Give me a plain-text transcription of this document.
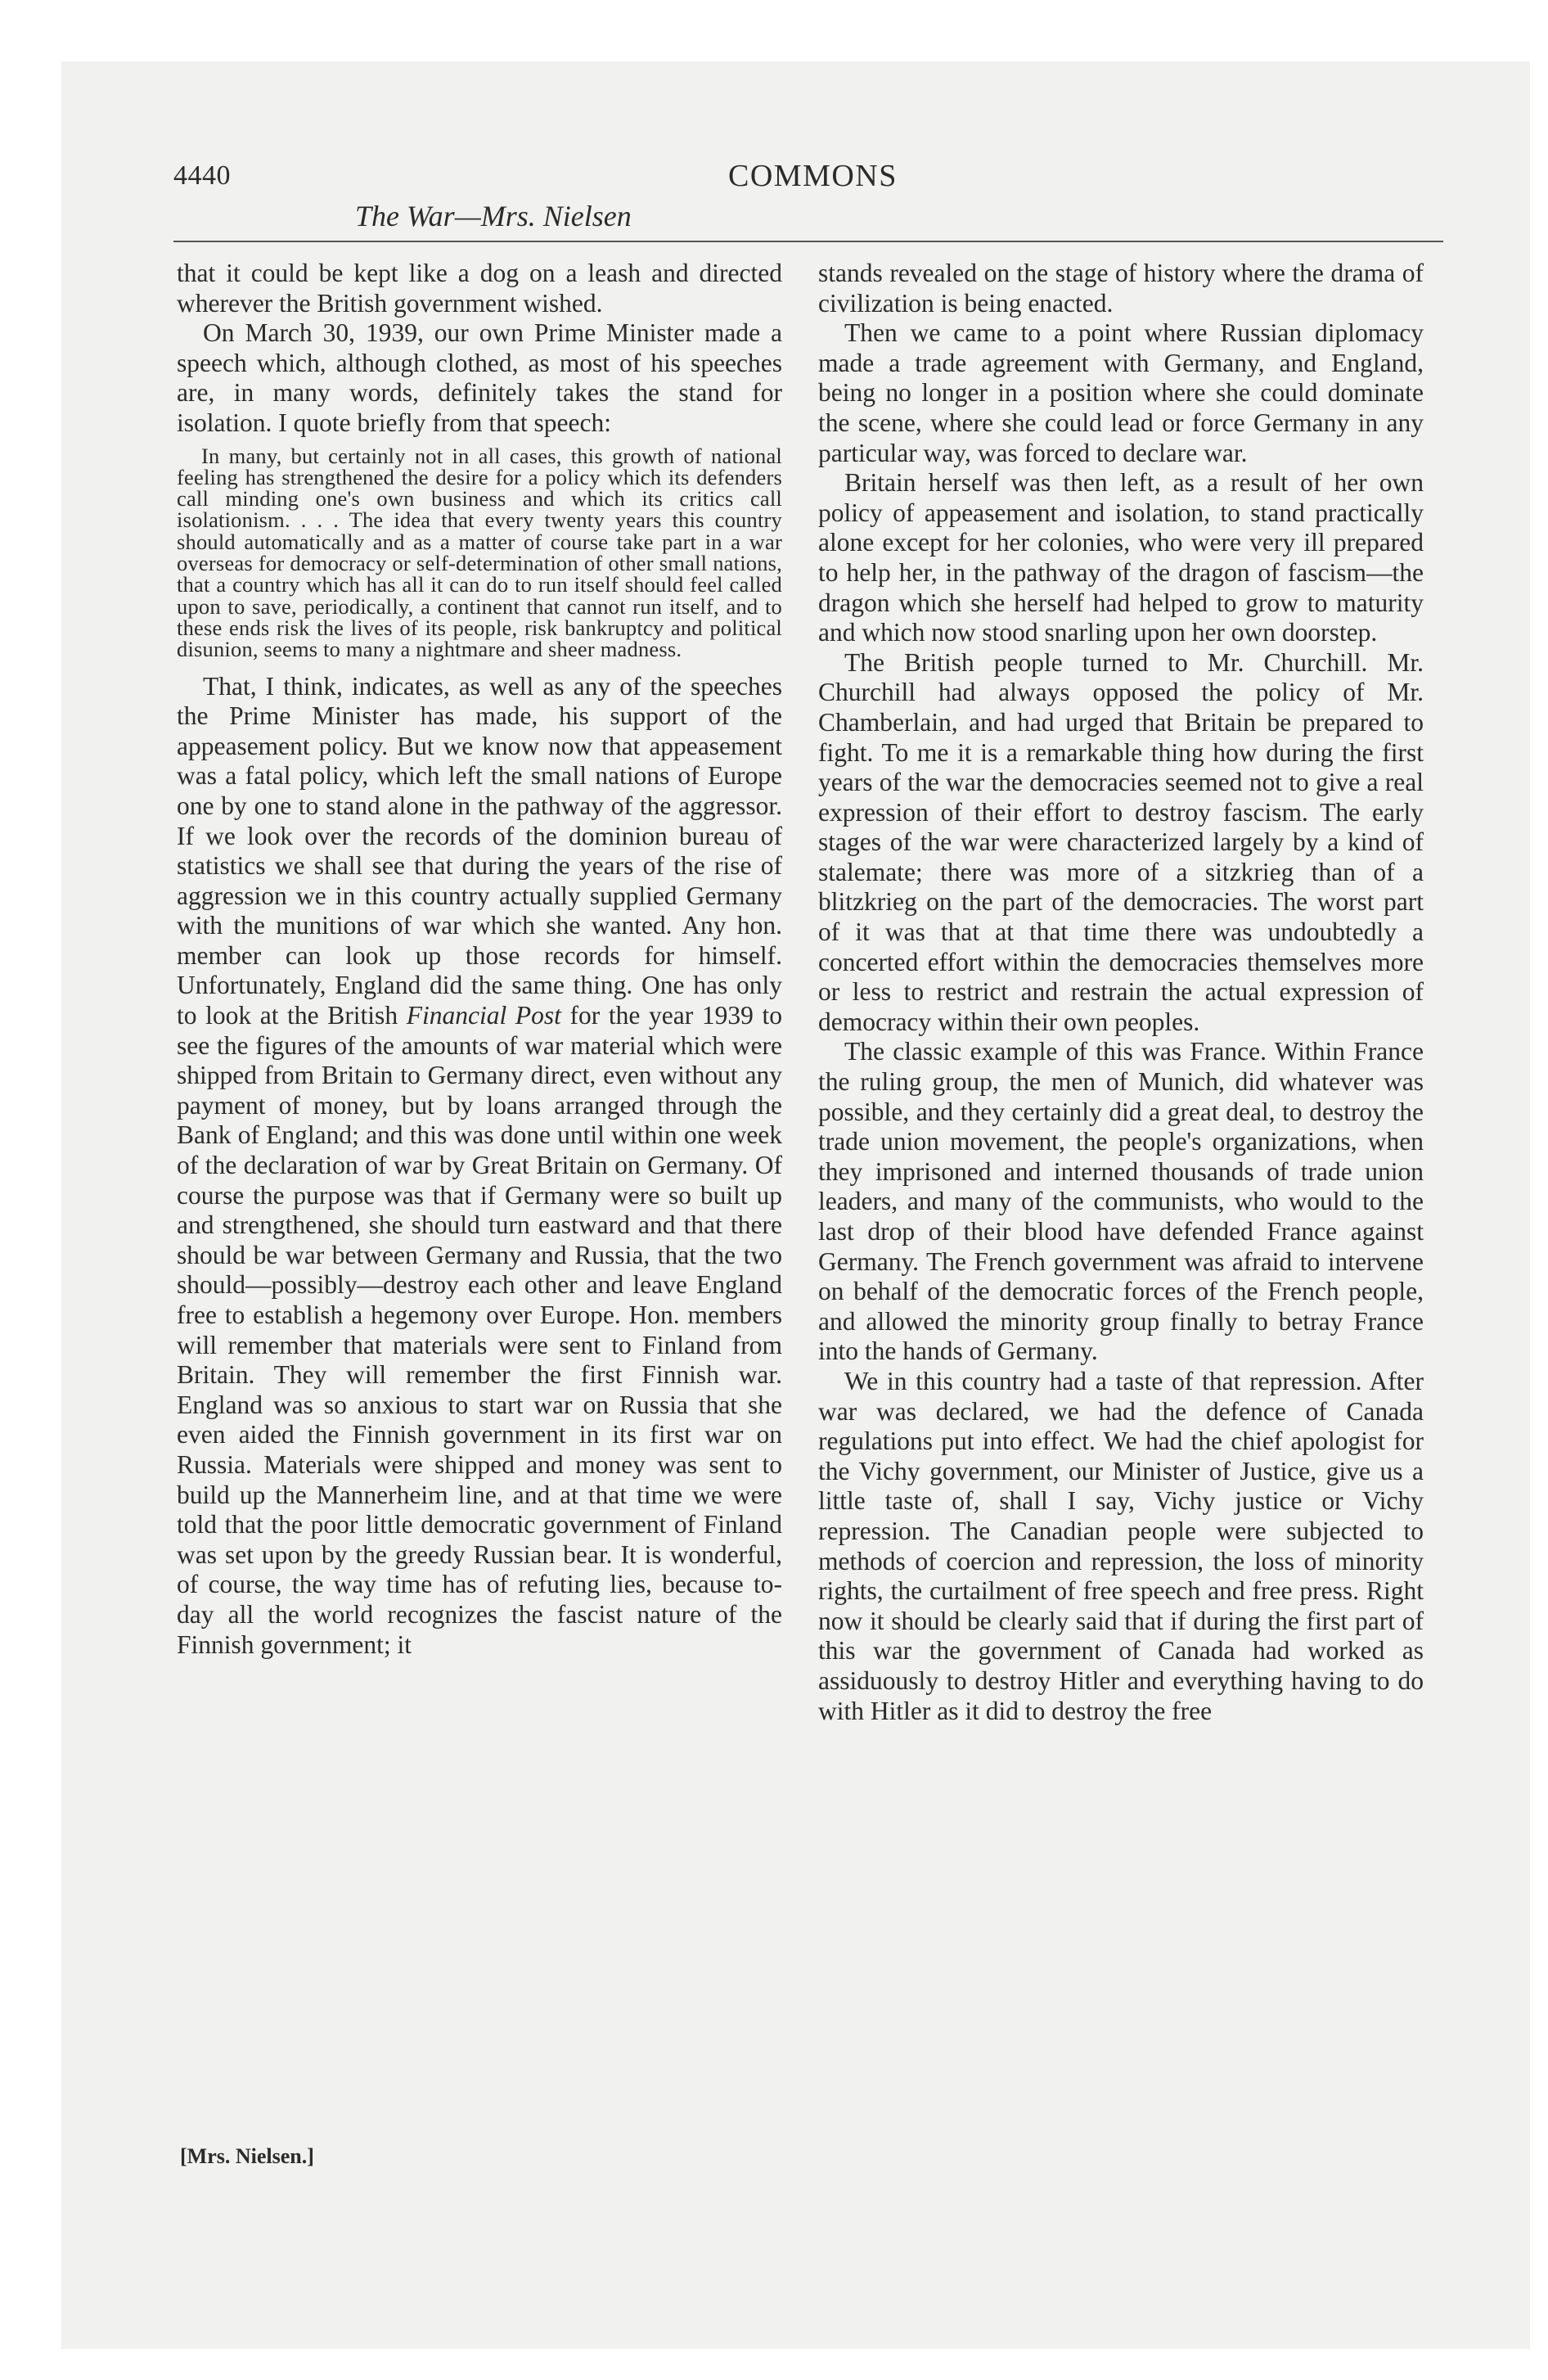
4440	COMMONS
The War—Mrs. Nielsen

that it could be kept like a dog on a leash and directed wherever the British government wished.

On March 30, 1939, our own Prime Minister made a speech which, although clothed, as most of his speeches are, in many words, definitely takes the stand for isolation. I quote briefly from that speech:

In many, but certainly not in all cases, this growth of national feeling has strengthened the desire for a policy which its defenders call minding one's own business and which its critics call isolationism. . . . The idea that every twenty years this country should automatically and as a matter of course take part in a war overseas for democracy or self-determination of other small nations, that a country which has all it can do to run itself should feel called upon to save, periodically, a continent that cannot run itself, and to these ends risk the lives of its people, risk bankruptcy and political disunion, seems to many a nightmare and sheer madness.

That, I think, indicates, as well as any of the speeches the Prime Minister has made, his support of the appeasement policy. But we know now that appeasement was a fatal policy, which left the small nations of Europe one by one to stand alone in the pathway of the aggressor. If we look over the records of the dominion bureau of statistics we shall see that during the years of the rise of aggression we in this country actually supplied Germany with the munitions of war which she wanted. Any hon. member can look up those records for himself. Unfortunately, England did the same thing. One has only to look at the British Financial Post for the year 1939 to see the figures of the amounts of war material which were shipped from Britain to Germany direct, even without any payment of money, but by loans arranged through the Bank of England; and this was done until within one week of the declaration of war by Great Britain on Germany. Of course the purpose was that if Germany were so built up and strengthened, she should turn eastward and that there should be war between Germany and Russia, that the two should—possibly—destroy each other and leave England free to establish a hegemony over Europe. Hon. members will remember that materials were sent to Finland from Britain. They will remember the first Finnish war. England was so anxious to start war on Russia that she even aided the Finnish government in its first war on Russia. Materials were shipped and money was sent to build up the Mannerheim line, and at that time we were told that the poor little democratic government of Finland was set upon by the greedy Russian bear. It is wonderful, of course, the way time has of refuting lies, because to-day all the world recognizes the fascist nature of the Finnish government; it

stands revealed on the stage of history where the drama of civilization is being enacted.

Then we came to a point where Russian diplomacy made a trade agreement with Germany, and England, being no longer in a position where she could dominate the scene, where she could lead or force Germany in any particular way, was forced to declare war.

Britain herself was then left, as a result of her own policy of appeasement and isolation, to stand practically alone except for her colonies, who were very ill prepared to help her, in the pathway of the dragon of fascism—the dragon which she herself had helped to grow to maturity and which now stood snarling upon her own doorstep.

The British people turned to Mr. Churchill. Mr. Churchill had always opposed the policy of Mr. Chamberlain, and had urged that Britain be prepared to fight. To me it is a remarkable thing how during the first years of the war the democracies seemed not to give a real expression of their effort to destroy fascism. The early stages of the war were characterized largely by a kind of stalemate; there was more of a sitzkrieg than of a blitzkrieg on the part of the democracies. The worst part of it was that at that time there was undoubtedly a concerted effort within the democracies themselves more or less to restrict and restrain the actual expression of democracy within their own peoples.

The classic example of this was France. Within France the ruling group, the men of Munich, did whatever was possible, and they certainly did a great deal, to destroy the trade union movement, the people's organizations, when they imprisoned and interned thousands of trade union leaders, and many of the communists, who would to the last drop of their blood have defended France against Germany. The French government was afraid to intervene on behalf of the democratic forces of the French people, and allowed the minority group finally to betray France into the hands of Germany.

We in this country had a taste of that repression. After war was declared, we had the defence of Canada regulations put into effect. We had the chief apologist for the Vichy government, our Minister of Justice, give us a little taste of, shall I say, Vichy justice or Vichy repression. The Canadian people were subjected to methods of coercion and repression, the loss of minority rights, the curtailment of free speech and free press. Right now it should be clearly said that if during the first part of this war the government of Canada had worked as assiduously to destroy Hitler and everything having to do with Hitler as it did to destroy the free

[Mrs. Nielsen.]
